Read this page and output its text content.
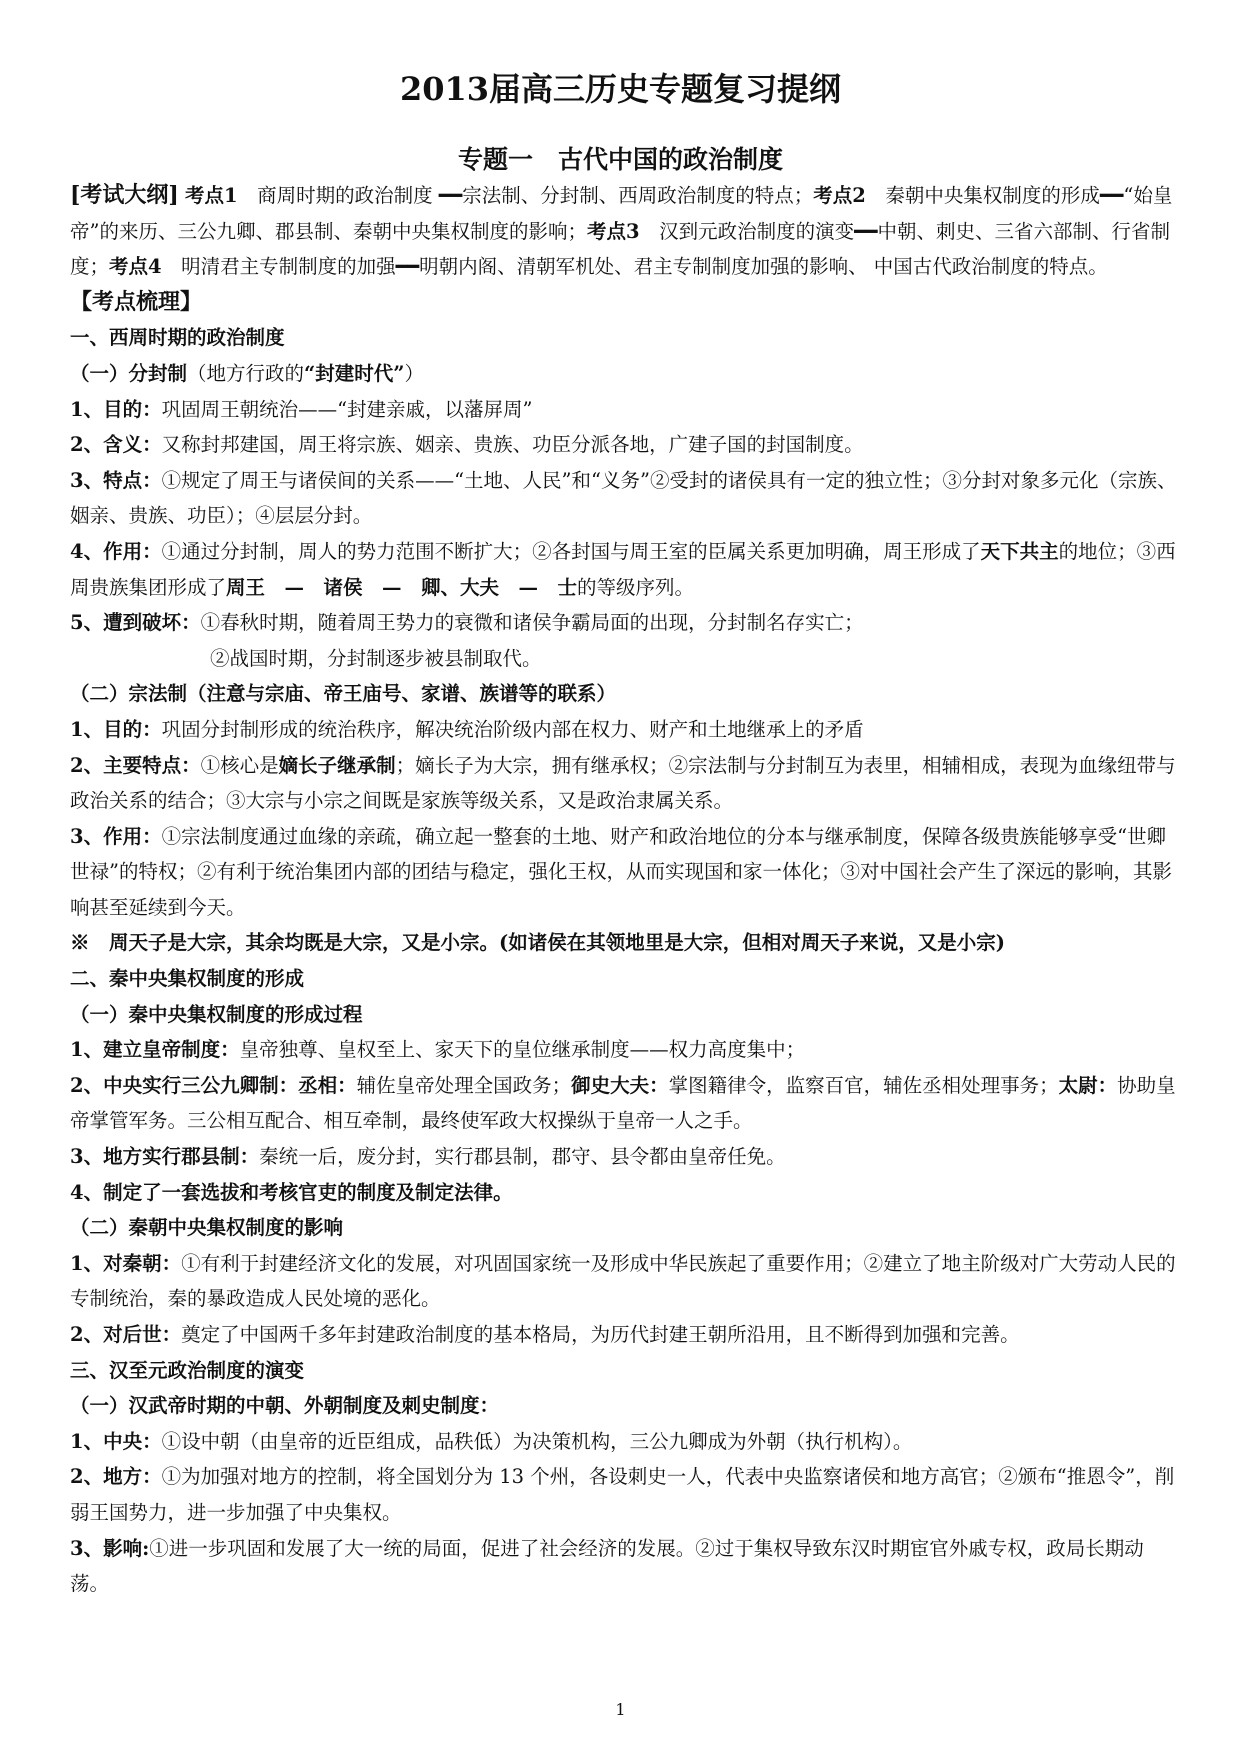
2013届高三历史专题复习提纲
专题一　古代中国的政治制度

[考试大纲] 考点1　商周时期的政治制度 ━━宗法制、分封制、西周政治制度的特点；考点2　秦朝中央集权制度的形成━━“始皇帝”的来历、三公九卿、郡县制、秦朝中央集权制度的影响；考点3　汉到元政治制度的演变━━中朝、刺史、三省六部制、行省制度；考点4　明清君主专制制度的加强━━明朝内阁、清朝军机处、君主专制制度加强的影响、 中国古代政治制度的特点。

【考点梳理】

一、西周时期的政治制度

（一）分封制（地方行政的“封建时代”）

1、目的：巩固周王朝统治——“封建亲戚，以藩屏周”

2、含义：又称封邦建国，周王将宗族、姻亲、贵族、功臣分派各地，广建子国的封国制度。

3、特点：①规定了周王与诸侯间的关系——“土地、人民”和“义务”②受封的诸侯具有一定的独立性；③分封对象多元化（宗族、姻亲、贵族、功臣）；④层层分封。

4、作用：①通过分封制，周人的势力范围不断扩大；②各封国与周王室的臣属关系更加明确，周王形成了天下共主的地位；③西周贵族集团形成了周王　—　诸侯　—　卿、大夫　—　士的等级序列。

5、遭到破坏：①春秋时期，随着周王势力的衰微和诸侯争霸局面的出现，分封制名存实亡；

②战国时期，分封制逐步被县制取代。

（二）宗法制（注意与宗庙、帝王庙号、家谱、族谱等的联系）

1、目的：巩固分封制形成的统治秩序，解决统治阶级内部在权力、财产和土地继承上的矛盾

2、主要特点：①核心是嫡长子继承制；嫡长子为大宗，拥有继承权；②宗法制与分封制互为表里，相辅相成，表现为血缘纽带与政治关系的结合；③大宗与小宗之间既是家族等级关系，又是政治隶属关系。

3、作用：①宗法制度通过血缘的亲疏，确立起一整套的土地、财产和政治地位的分本与继承制度，保障各级贵族能够享受“世卿世禄”的特权；②有利于统治集团内部的团结与稳定，强化王权，从而实现国和家一体化；③对中国社会产生了深远的影响，其影响甚至延续到今天。

※　周天子是大宗，其余均既是大宗，又是小宗。(如诸侯在其领地里是大宗，但相对周天子来说，又是小宗)

二、秦中央集权制度的形成

（一）秦中央集权制度的形成过程

1、建立皇帝制度：皇帝独尊、皇权至上、家天下的皇位继承制度——权力高度集中；

2、中央实行三公九卿制：丞相：辅佐皇帝处理全国政务；御史大夫：掌图籍律令，监察百官，辅佐丞相处理事务；太尉：协助皇帝掌管军务。三公相互配合、相互牵制，最终使军政大权操纵于皇帝一人之手。

3、地方实行郡县制：秦统一后，废分封，实行郡县制，郡守、县令都由皇帝任免。

4、制定了一套选拔和考核官吏的制度及制定法律。

（二）秦朝中央集权制度的影响

1、对秦朝：①有利于封建经济文化的发展，对巩固国家统一及形成中华民族起了重要作用；②建立了地主阶级对广大劳动人民的专制统治，秦的暴政造成人民处境的恶化。

2、对后世：奠定了中国两千多年封建政治制度的基本格局，为历代封建王朝所沿用，且不断得到加强和完善。

三、汉至元政治制度的演变

（一）汉武帝时期的中朝、外朝制度及刺史制度：

1、中央：①设中朝（由皇帝的近臣组成，品秩低）为决策机构，三公九卿成为外朝（执行机构）。

2、地方：①为加强对地方的控制，将全国划分为 13 个州，各设刺史一人，代表中央监察诸侯和地方高官；②颁布“推恩令”，削弱王国势力，进一步加强了中央集权。

3、影响:①进一步巩固和发展了大一统的局面，促进了社会经济的发展。②过于集权导致东汉时期宦官外戚专权，政局长期动荡。

1
